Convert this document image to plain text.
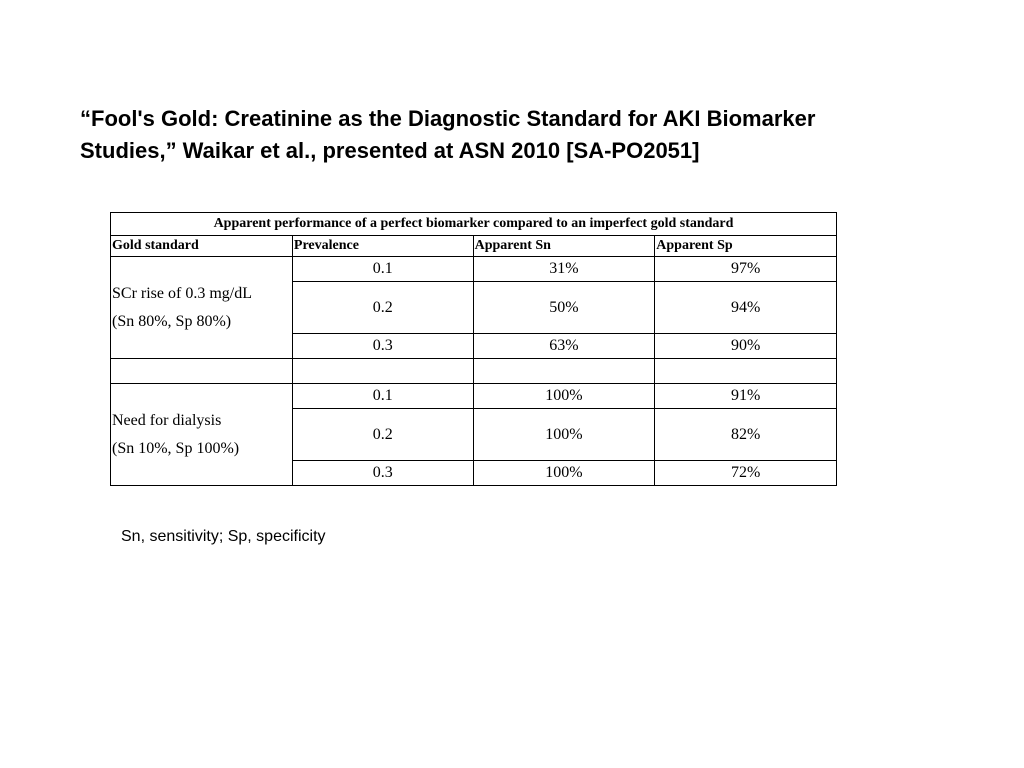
“Fool's Gold: Creatinine as the Diagnostic Standard for AKI Biomarker
Studies,” Waikar et al., presented at ASN 2010 [SA-PO2051]
Apparent performance of a perfect biomarker compared to an imperfect gold standard			
Gold standard	Prevalence	Apparent Sn	Apparent Sp

SCr rise of 0.3 mg/dL
(Sn 80%, Sp 80%)	0.1	31%	97%
	0.2	50%	94%
	0.3	63%	90%

Need for dialysis
(Sn 10%, Sp 100%)	0.1	100%	91%
	0.2	100%	82%
	0.3	100%	72%

Sn, sensitivity; Sp, specificity
